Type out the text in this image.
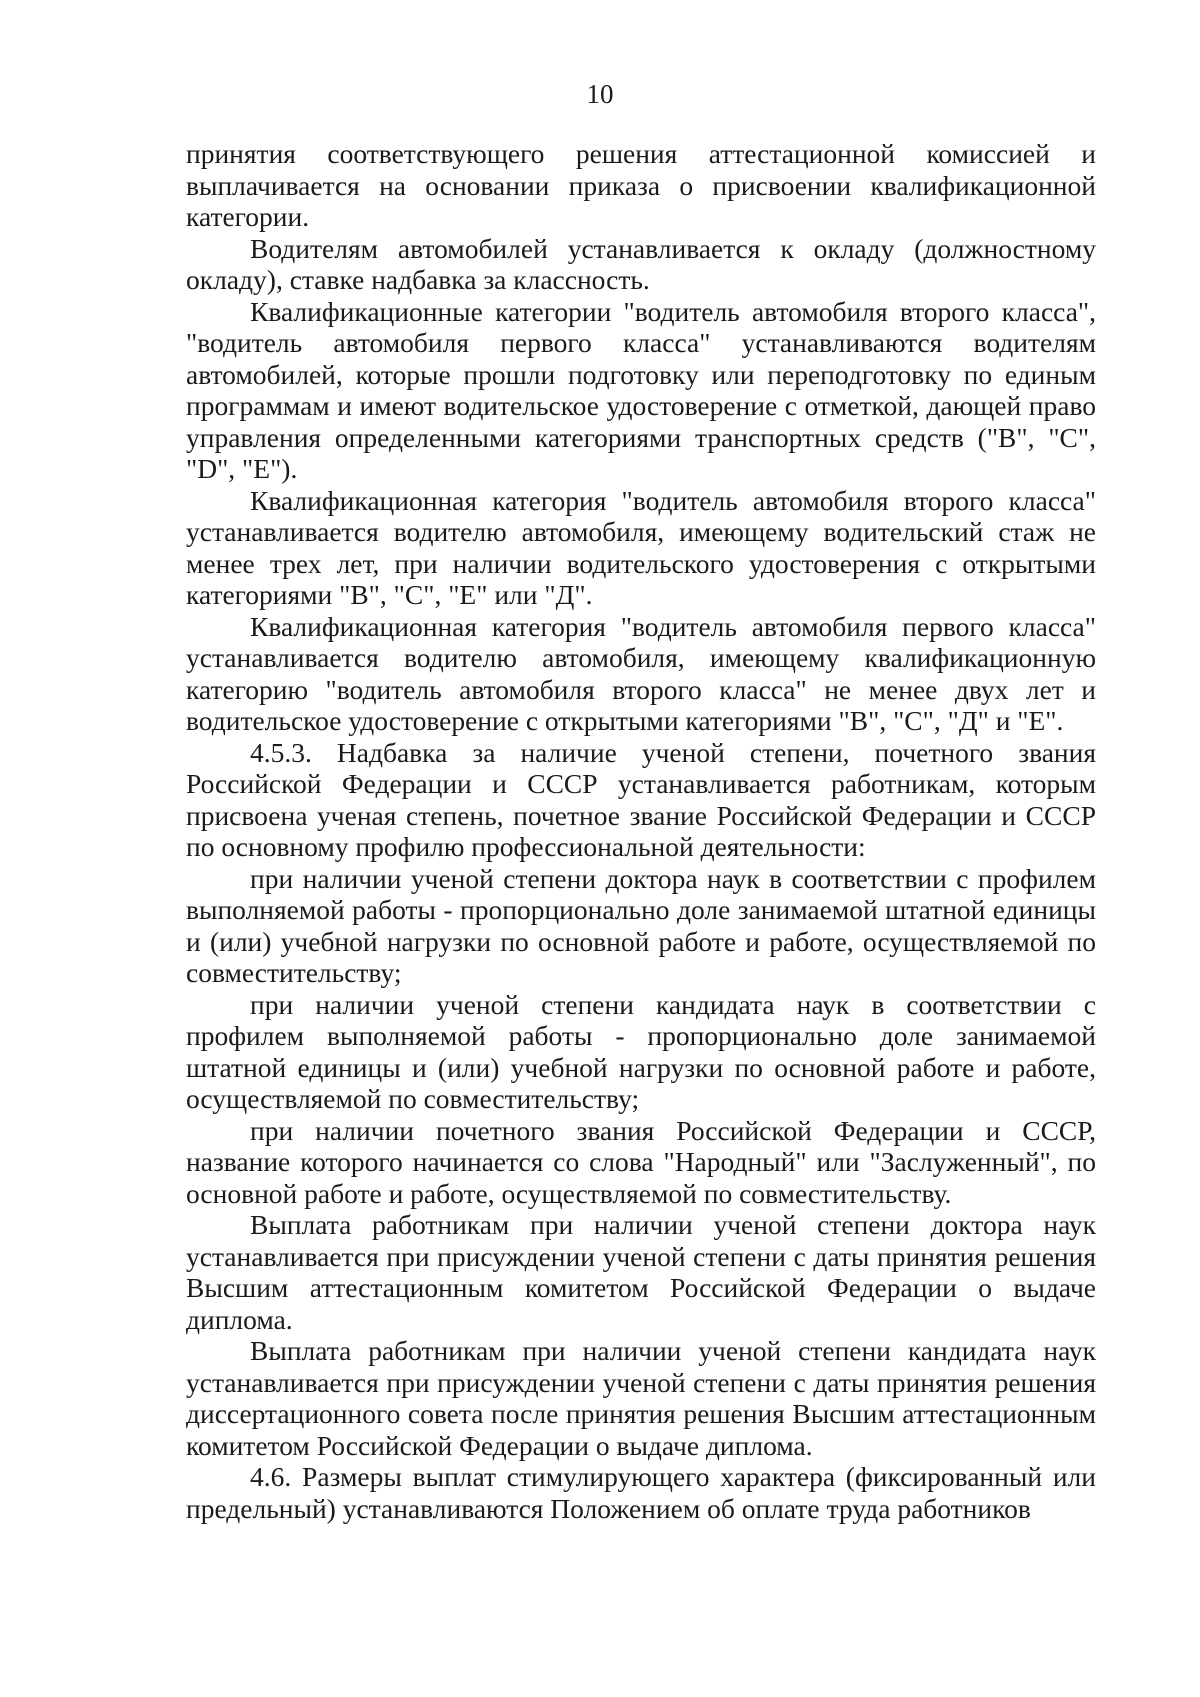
10

принятия соответствующего решения аттестационной комиссией и выплачивается на основании приказа о присвоении квалификационной категории.

Водителям автомобилей устанавливается к окладу (должностному окладу), ставке надбавка за классность.

Квалификационные категории "водитель автомобиля второго класса", "водитель автомобиля первого класса" устанавливаются водителям автомобилей, которые прошли подготовку или переподготовку по единым программам и имеют водительское удостоверение с отметкой, дающей право управления определенными категориями транспортных средств ("В", "С", "D", "Е").

Квалификационная категория "водитель автомобиля второго класса" устанавливается водителю автомобиля, имеющему водительский стаж не менее трех лет, при наличии водительского удостоверения с открытыми категориями "В", "С", "Е" или "Д".

Квалификационная категория "водитель автомобиля первого класса" устанавливается водителю автомобиля, имеющему квалификационную категорию "водитель автомобиля второго класса" не менее двух лет и водительское удостоверение с открытыми категориями "В", "С", "Д" и "Е".

4.5.3. Надбавка за наличие ученой степени, почетного звания Российской Федерации и СССР устанавливается работникам, которым присвоена ученая степень, почетное звание Российской Федерации и СССР по основному профилю профессиональной деятельности:

при наличии ученой степени доктора наук в соответствии с профилем выполняемой работы - пропорционально доле занимаемой штатной единицы и (или) учебной нагрузки по основной работе и работе, осуществляемой по совместительству;

при наличии ученой степени кандидата наук в соответствии с профилем выполняемой работы - пропорционально доле занимаемой штатной единицы и (или) учебной нагрузки по основной работе и работе, осуществляемой по совместительству;

при наличии почетного звания Российской Федерации и СССР, название которого начинается со слова "Народный" или "Заслуженный", по основной работе и работе, осуществляемой по совместительству.

Выплата работникам при наличии ученой степени доктора наук устанавливается при присуждении ученой степени с даты принятия решения Высшим аттестационным комитетом Российской Федерации о выдаче диплома.

Выплата работникам при наличии ученой степени кандидата наук устанавливается при присуждении ученой степени с даты принятия решения диссертационного совета после принятия решения Высшим аттестационным комитетом Российской Федерации о выдаче диплома.

4.6. Размеры выплат стимулирующего характера (фиксированный или предельный) устанавливаются Положением об оплате труда работников
